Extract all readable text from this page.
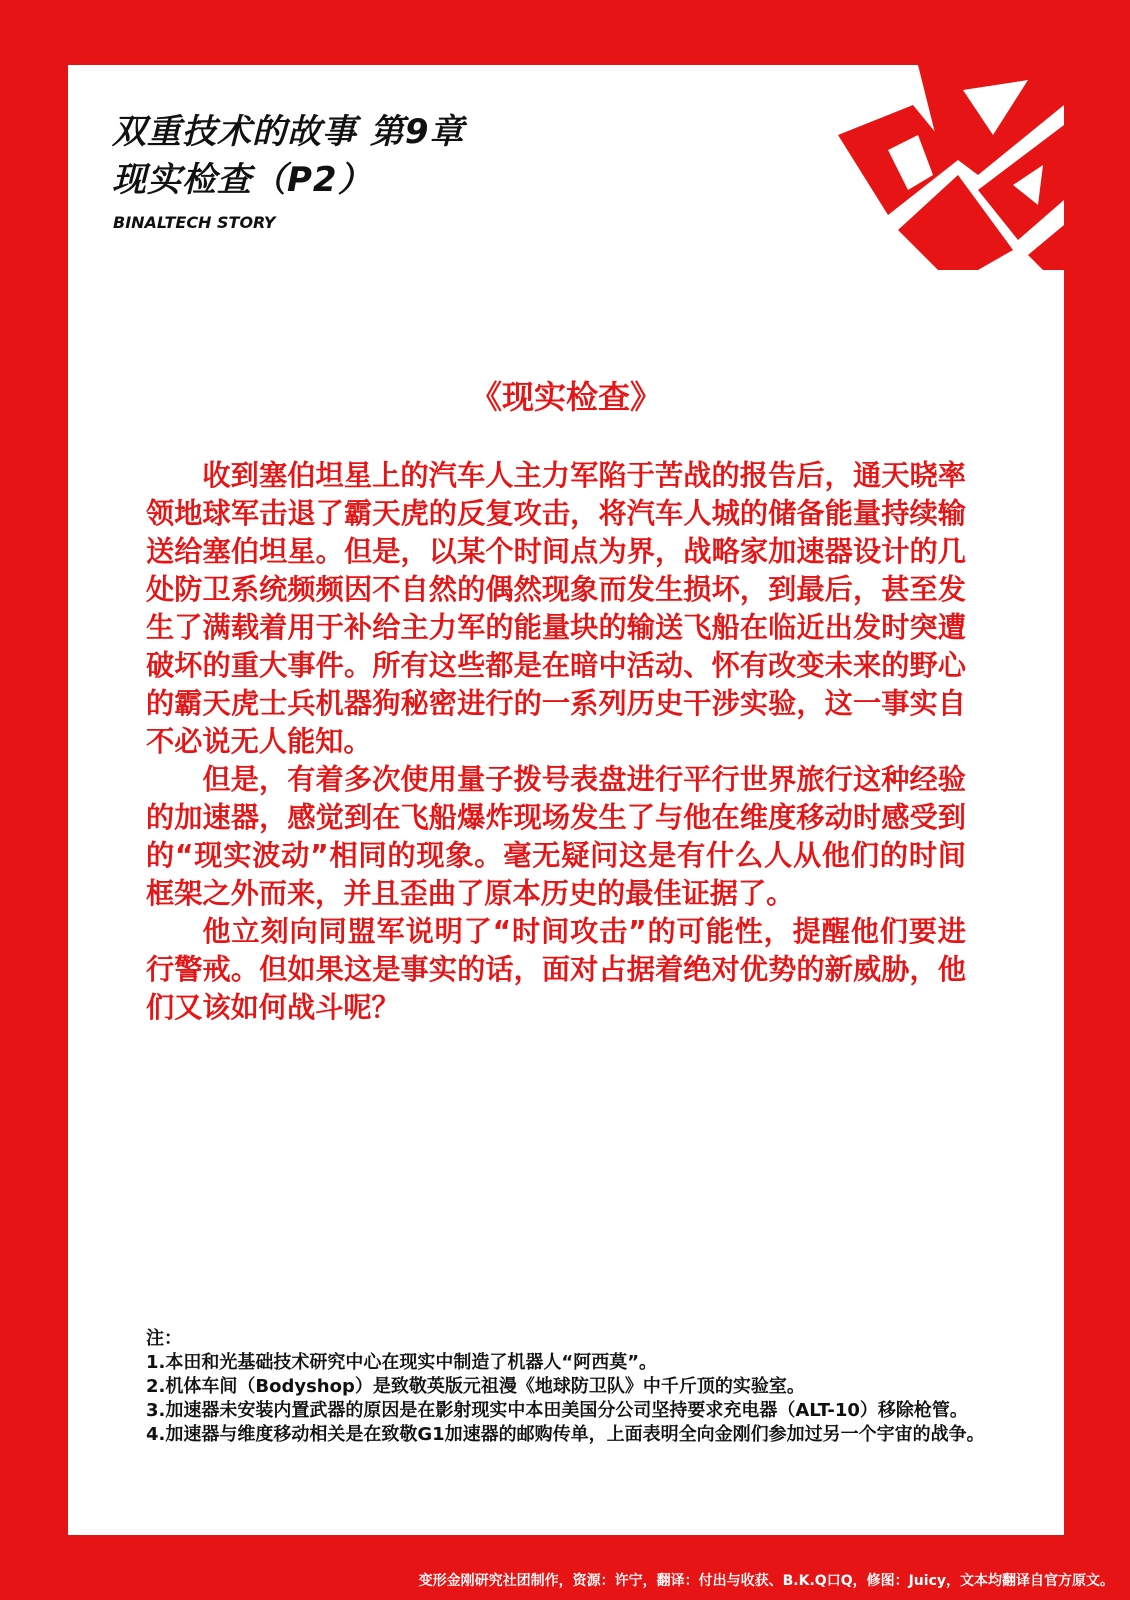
双重技术的故事 第9章
现实检查（P2）

BINALTECH STORY

《现实检查》

收到塞伯坦星上的汽车人主力军陷于苦战的报告后，通天晓率领地球军击退了霸天虎的反复攻击，将汽车人城的储备能量持续输送给塞伯坦星。但是，以某个时间点为界，战略家加速器设计的几处防卫系统频频因不自然的偶然现象而发生损坏，到最后，甚至发生了满载着用于补给主力军的能量块的输送飞船在临近出发时突遭破坏的重大事件。所有这些都是在暗中活动、怀有改变未来的野心的霸天虎士兵机器狗秘密进行的一系列历史干涉实验，这一事实自不必说无人能知。

但是，有着多次使用量子拨号表盘进行平行世界旅行这种经验的加速器，感觉到在飞船爆炸现场发生了与他在维度移动时感受到的“现实波动”相同的现象。毫无疑问这是有什么人从他们的时间框架之外而来，并且歪曲了原本历史的最佳证据了。

他立刻向同盟军说明了“时间攻击”的可能性，提醒他们要进行警戒。但如果这是事实的话，面对占据着绝对优势的新威胁，他们又该如何战斗呢？

注：

1.本田和光基础技术研究中心在现实中制造了机器人“阿西莫”。

2.机体车间（Bodyshop）是致敬英版元祖漫《地球防卫队》中千斤顶的实验室。

3.加速器未安装内置武器的原因是在影射现实中本田美国分公司坚持要求充电器（ALT-10）移除枪管。

4.加速器与维度移动相关是在致敬G1加速器的邮购传单，上面表明全向金刚们参加过另一个宇宙的战争。

变形金刚研究社团制作，资源：许宁，翻译：付出与收获、B.K.Q口Q，修图：Juicy，文本均翻译自官方原文。
